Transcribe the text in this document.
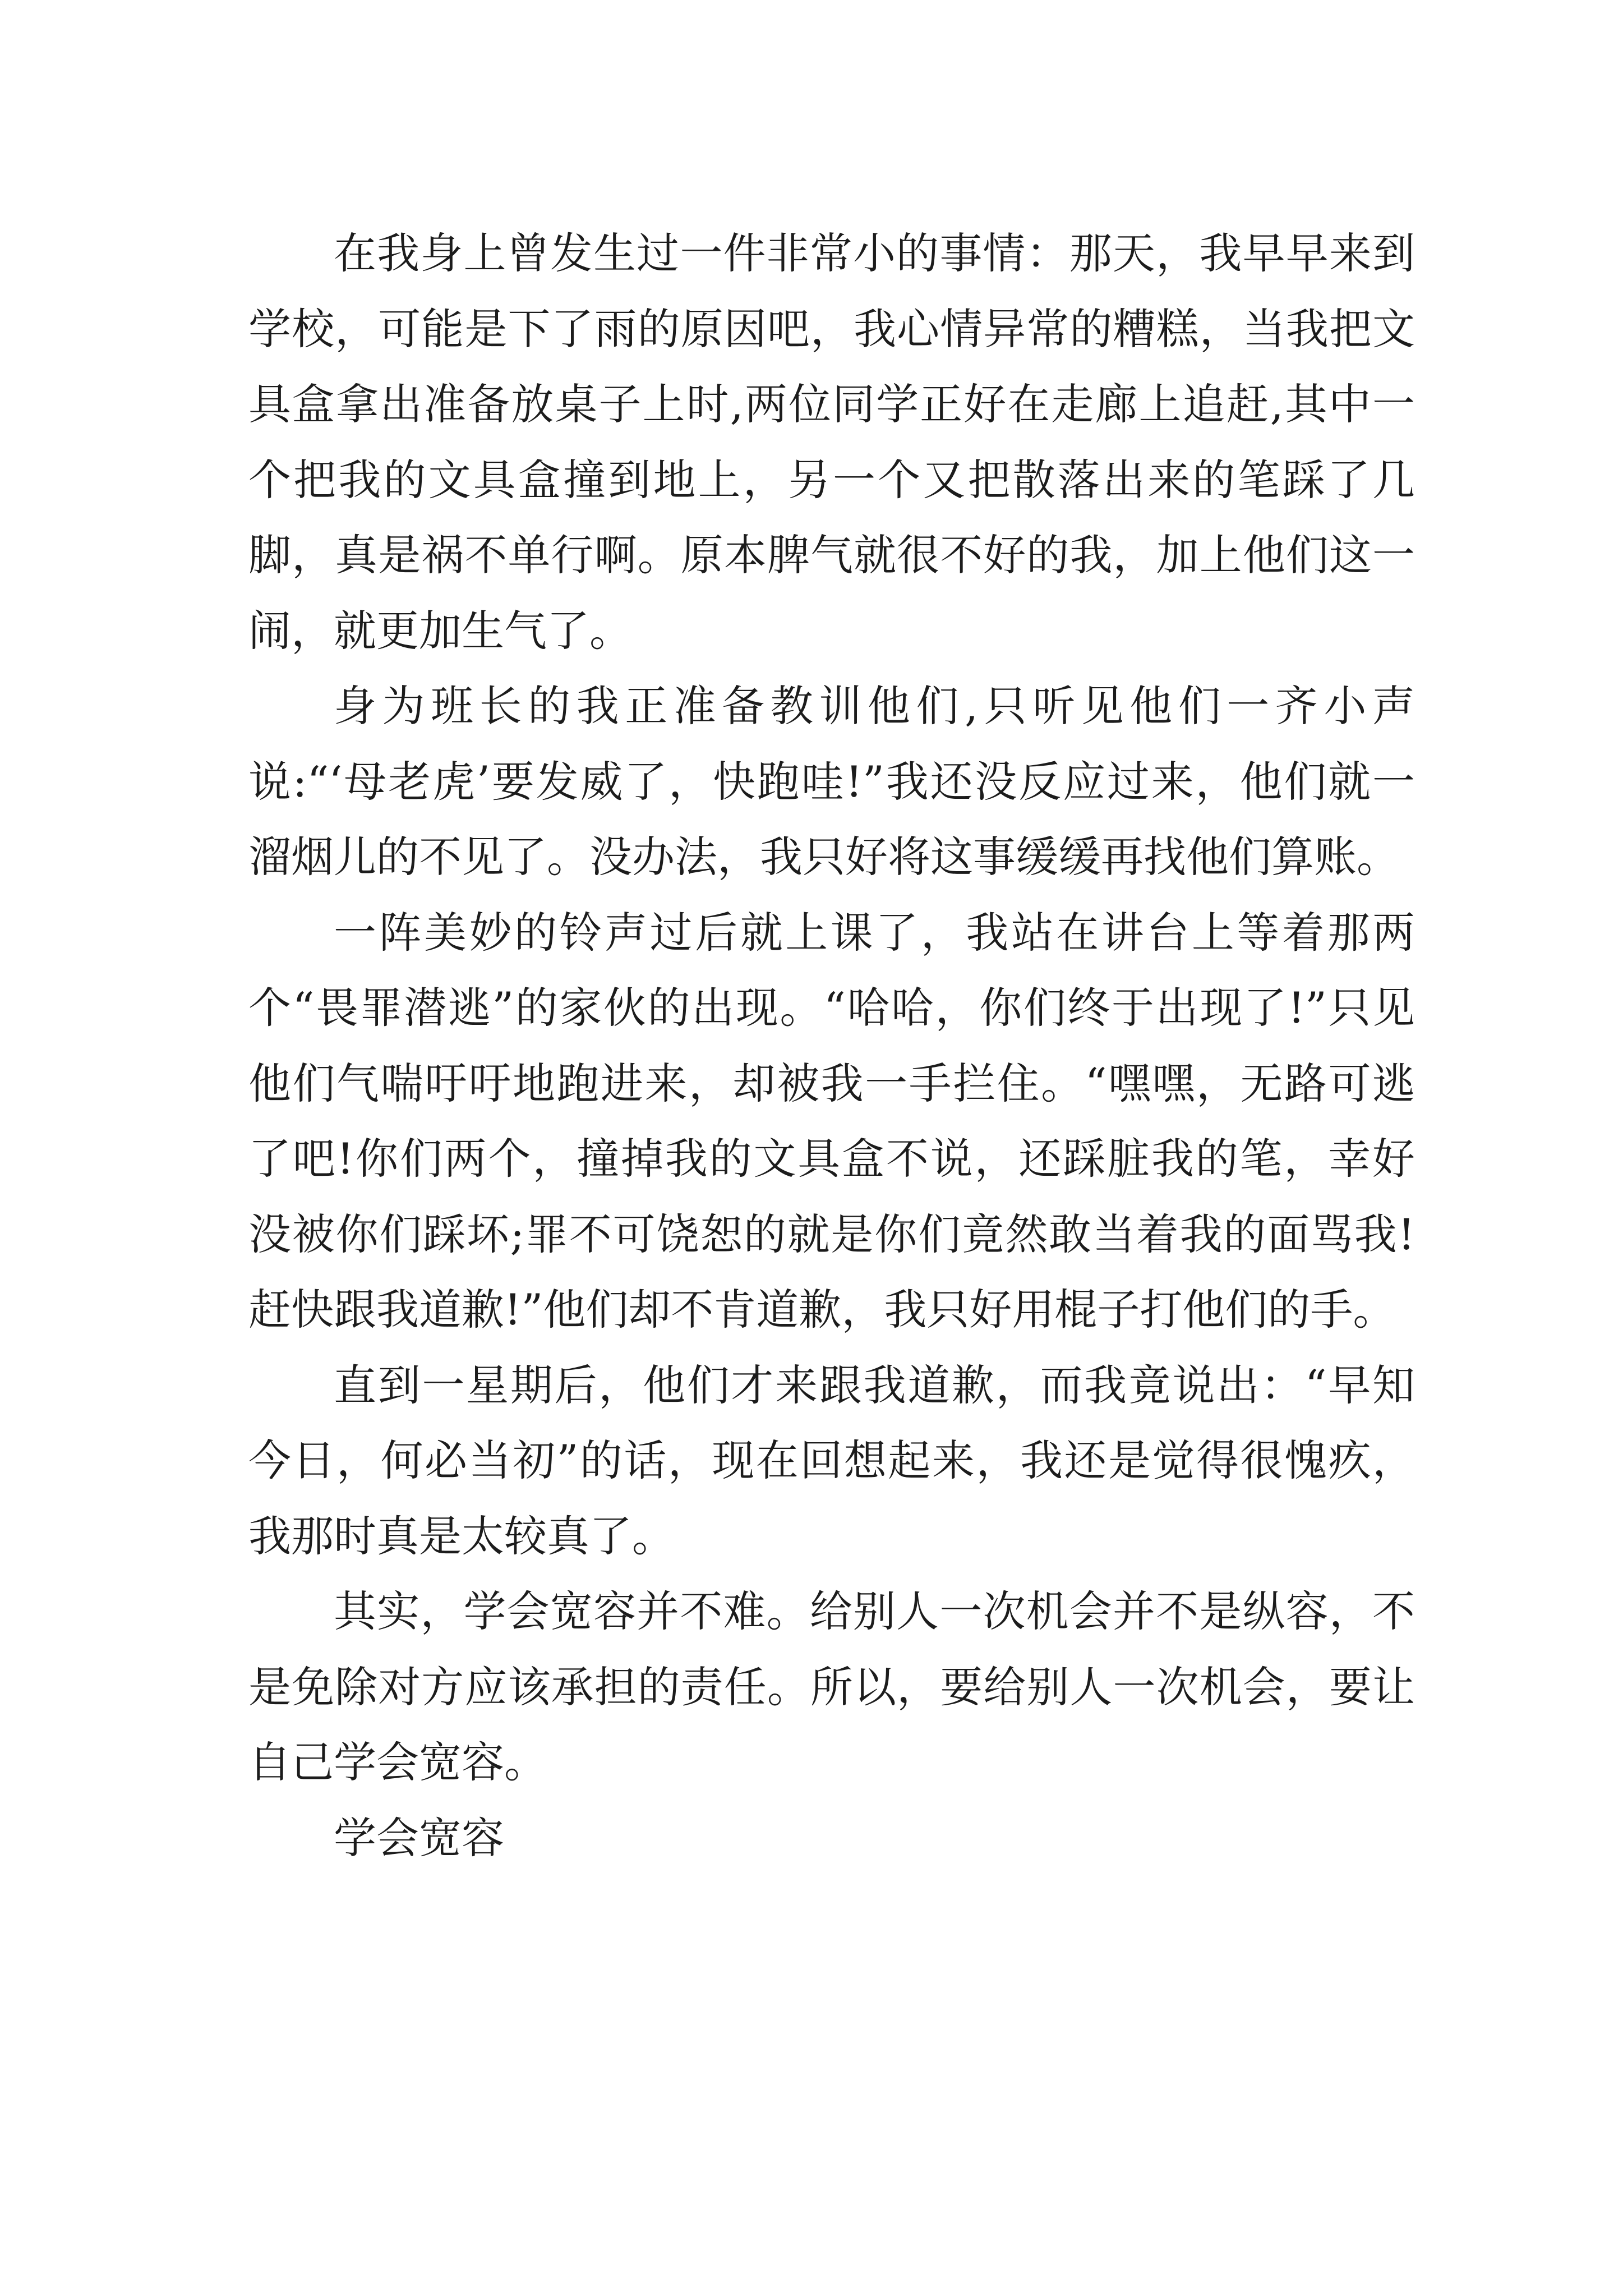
在我身上曾发生过一件非常小的事情：那天，我早早来到学校，可能是下了雨的原因吧，我心情异常的糟糕，当我把文具盒拿出准备放桌子上时,两位同学正好在走廊上追赶,其中一个把我的文具盒撞到地上，另一个又把散落出来的笔踩了几脚，真是祸不单行啊。原本脾气就很不好的我，加上他们这一闹，就更加生气了。

身为班长的我正准备教训他们,只听见他们一齐小声说:“‘母老虎’要发威了，快跑哇!”我还没反应过来，他们就一溜烟儿的不见了。没办法，我只好将这事缓缓再找他们算账。

一阵美妙的铃声过后就上课了，我站在讲台上等着那两个“畏罪潜逃”的家伙的出现。“哈哈，你们终于出现了!”只见他们气喘吁吁地跑进来，却被我一手拦住。“嘿嘿，无路可逃了吧!你们两个，撞掉我的文具盒不说，还踩脏我的笔，幸好没被你们踩坏;罪不可饶恕的就是你们竟然敢当着我的面骂我!赶快跟我道歉!”他们却不肯道歉，我只好用棍子打他们的手。

直到一星期后，他们才来跟我道歉，而我竟说出：“早知今日，何必当初”的话，现在回想起来，我还是觉得很愧疚，我那时真是太较真了。

其实，学会宽容并不难。给别人一次机会并不是纵容，不是免除对方应该承担的责任。所以，要给别人一次机会，要让自己学会宽容。

学会宽容
